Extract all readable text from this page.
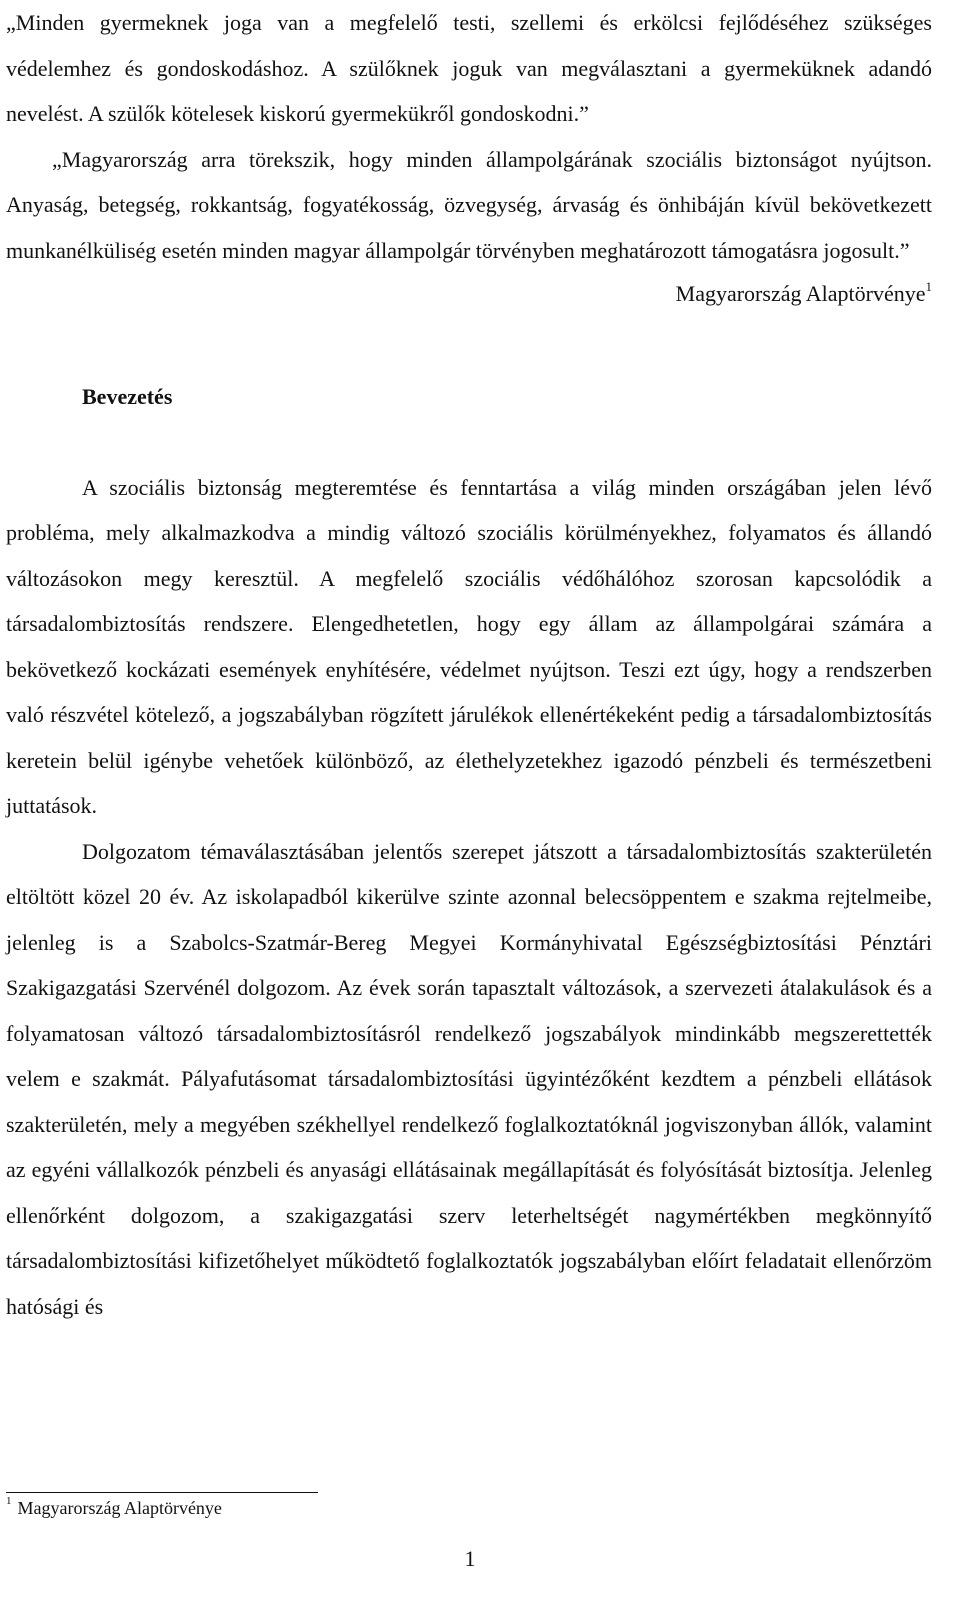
„Minden gyermeknek joga van a megfelelő testi, szellemi és erkölcsi fejlődéséhez szükséges védelemhez és gondoskodáshoz. A szülőknek joguk van megválasztani a gyermeküknek adandó nevelést. A szülők kötelesek kiskorú gyermekükről gondoskodni.”

„Magyarország arra törekszik, hogy minden állampolgárának szociális biztonságot nyújtson. Anyaság, betegség, rokkantság, fogyatékosság, özvegység, árvaság és önhibáján kívül bekövetkezett munkanélküliség esetén minden magyar állampolgár törvényben meghatározott támogatásra jogosult.”

Magyarország Alaptörvénye$^1$
Bevezetés

A szociális biztonság megteremtése és fenntartása a világ minden országában jelen lévő probléma, mely alkalmazkodva a mindig változó szociális körülményekhez, folyamatos és állandó változásokon megy keresztül. A megfelelő szociális védőhálóhoz szorosan kapcsolódik a társadalombiztosítás rendszere. Elengedhetetlen, hogy egy állam az állampolgárai számára a bekövetkező kockázati események enyhítésére, védelmet nyújtson. Teszi ezt úgy, hogy a rendszerben való részvétel kötelező, a jogszabályban rögzített járulékok ellenértékeként pedig a társadalombiztosítás keretein belül igénybe vehetőek különböző, az élethelyzetekhez igazodó pénzbeli és természetbeni juttatások.

Dolgozatom témaválasztásában jelentős szerepet játszott a társadalombiztosítás szakterületén eltöltött közel 20 év. Az iskolapadból kikerülve szinte azonnal belecsöppentem e szakma rejtelmeibe, jelenleg is a Szabolcs-Szatmár-Bereg Megyei Kormányhivatal Egészségbiztosítási Pénztári Szakigazgatási Szervénél dolgozom. Az évek során tapasztalt változások, a szervezeti átalakulások és a folyamatosan változó társadalombiztosításról rendelkező jogszabályok mindinkább megszerettették velem e szakmát. Pályafutásomat társadalombiztosítási ügyintézőként kezdtem a pénzbeli ellátások szakterületén, mely a megyében székhellyel rendelkező foglalkoztatóknál jogviszonyban állók, valamint az egyéni vállalkozók pénzbeli és anyasági ellátásainak megállapítását és folyósítását biztosítja. Jelenleg ellenőrként dolgozom, a szakigazgatási szerv leterheltségét nagymértékben megkönnyítő társadalombiztosítási kifizetőhelyet működtető foglalkoztatók jogszabályban előírt feladatait ellenőrzöm hatósági és

$^1$ Magyarország Alaptörvénye
1
